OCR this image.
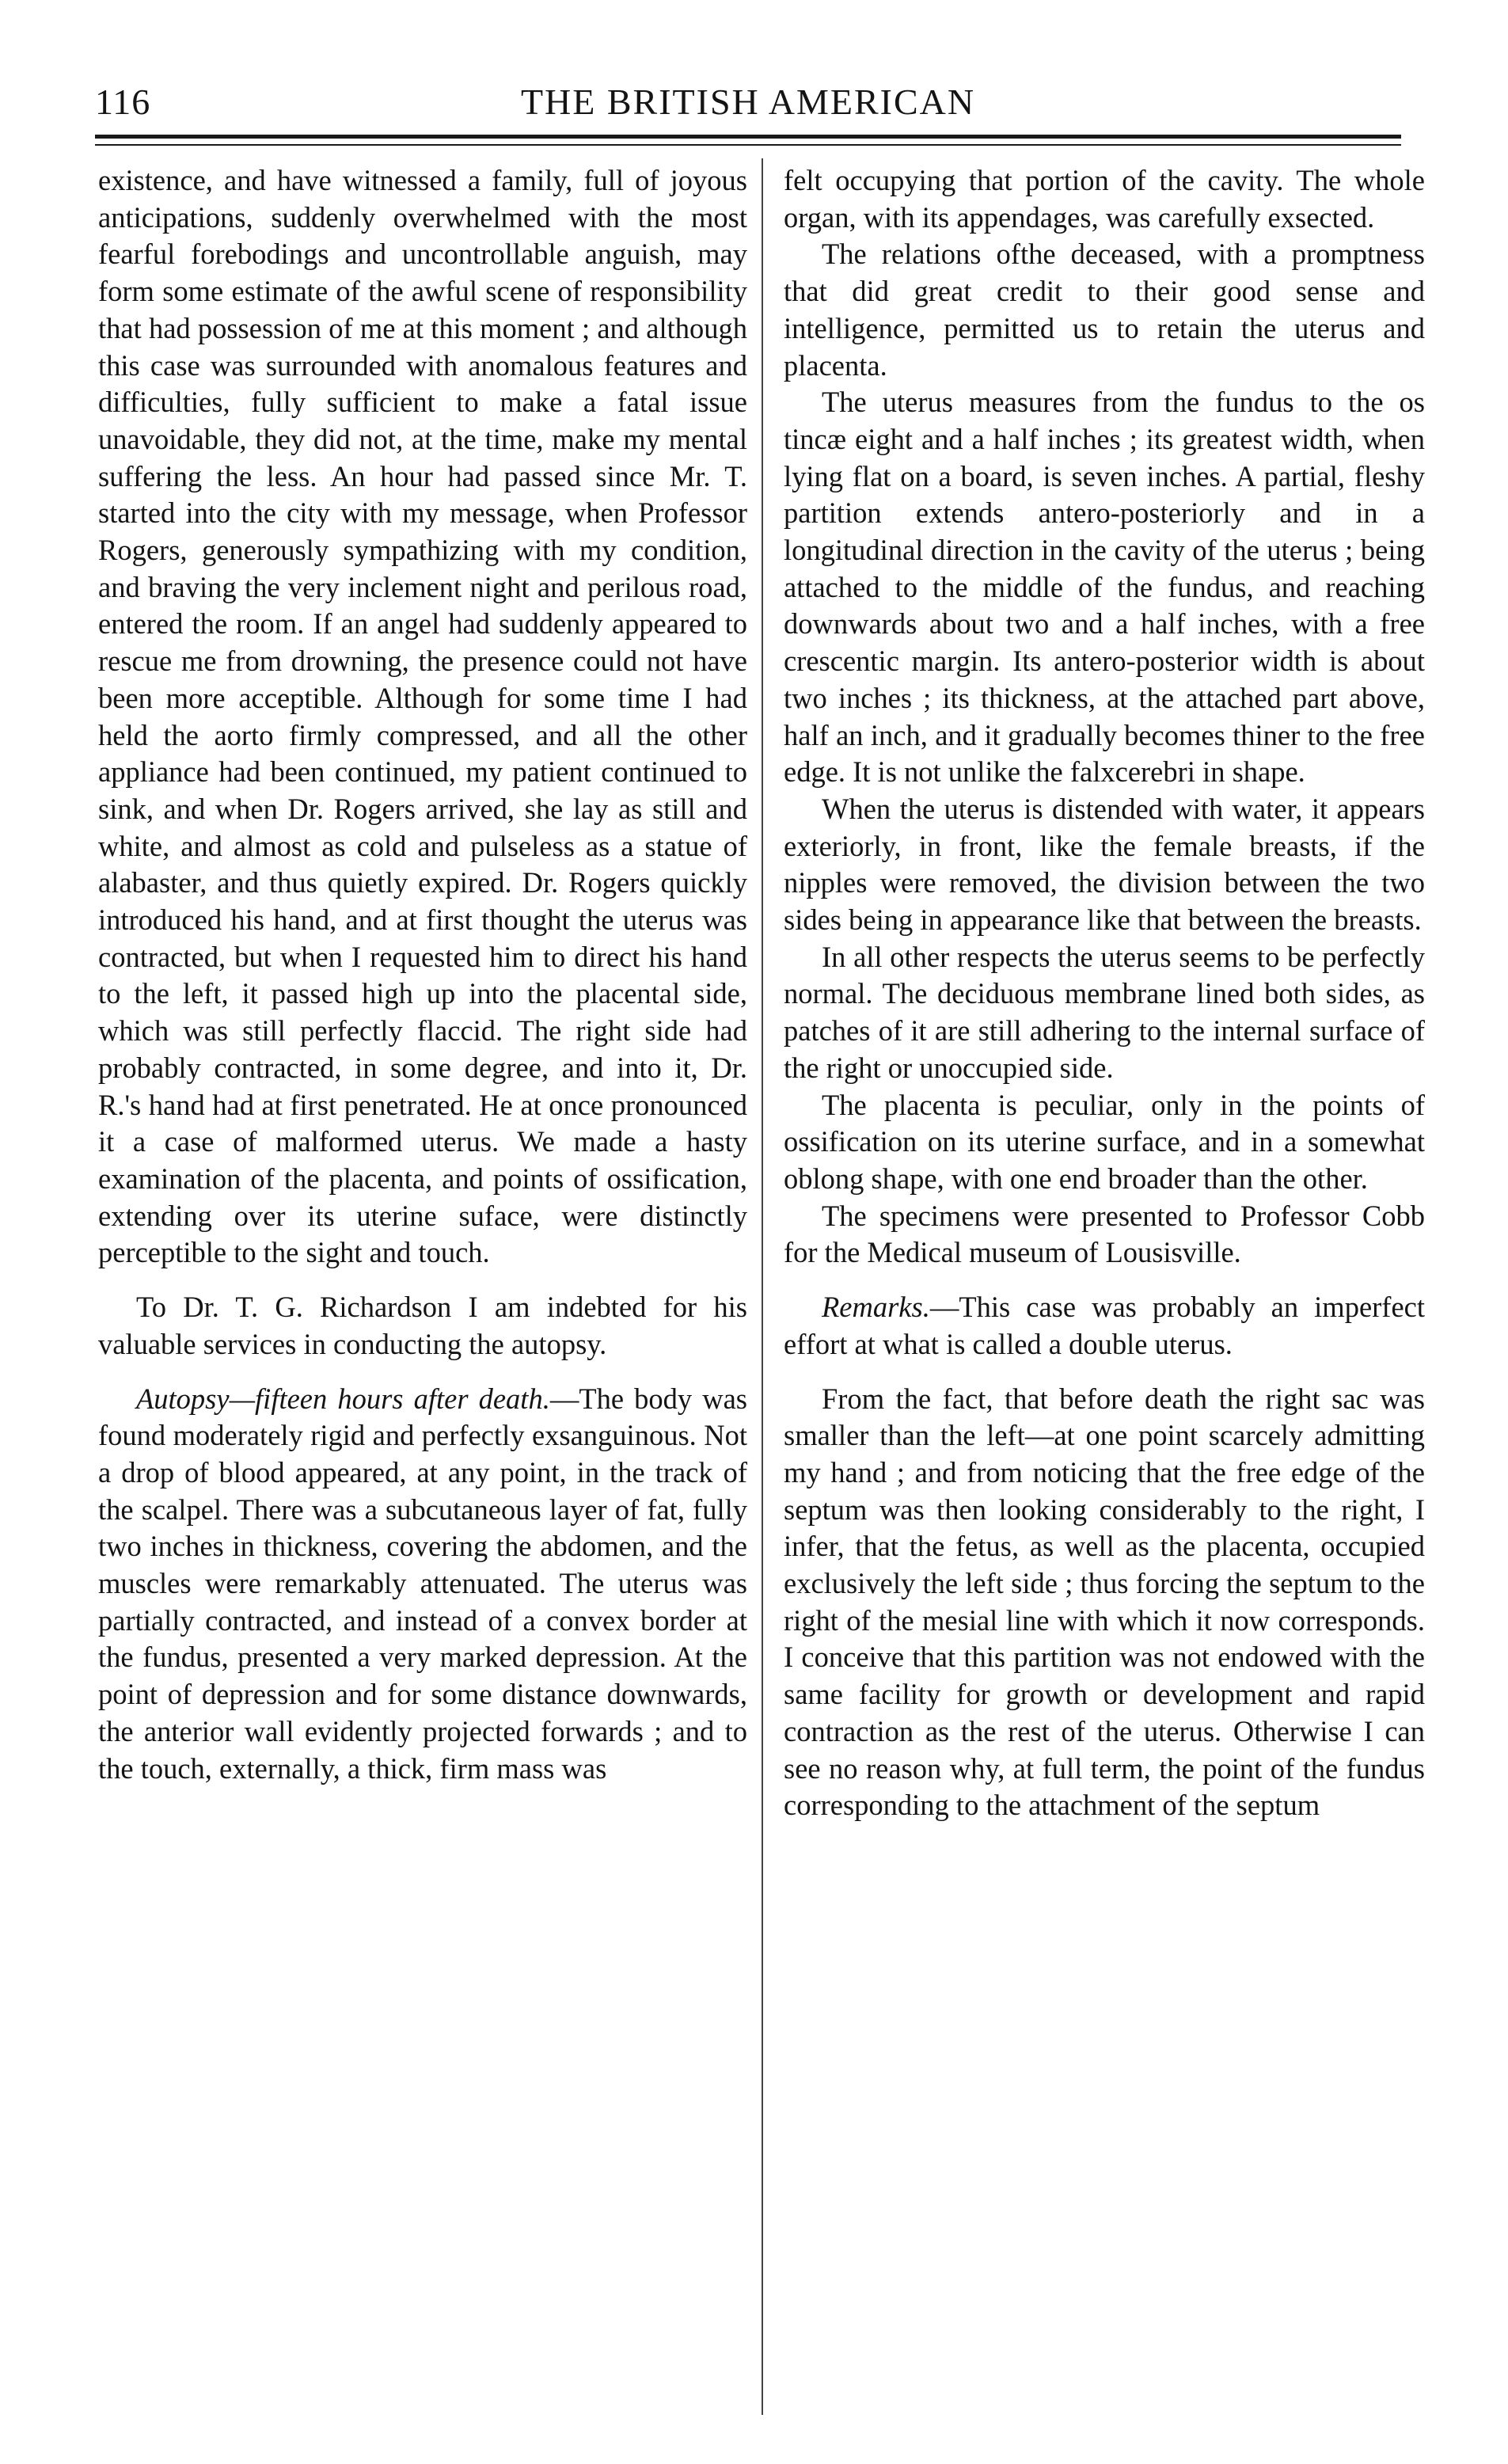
116	THE BRITISH AMERICAN

existence, and have witnessed a family, full of joyous anticipations, suddenly overwhelmed with the most fearful forebodings and uncontrollable anguish, may form some estimate of the awful scene of responsibility that had possession of me at this moment ; and although this case was surrounded with anomalous features and difficulties, fully sufficient to make a fatal issue unavoidable, they did not, at the time, make my mental suffering the less. An hour had passed since Mr. T. started into the city with my message, when Professor Rogers, generously sympathizing with my condition, and braving the very inclement night and perilous road, entered the room. If an angel had suddenly appeared to rescue me from drowning, the presence could not have been more acceptible. Although for some time I had held the aorto firmly compressed, and all the other appliance had been continued, my patient continued to sink, and when Dr. Rogers arrived, she lay as still and white, and almost as cold and pulseless as a statue of alabaster, and thus quietly expired. Dr. Rogers quickly introduced his hand, and at first thought the uterus was contracted, but when I requested him to direct his hand to the left, it passed high up into the placental side, which was still perfectly flaccid. The right side had probably contracted, in some degree, and into it, Dr. R.'s hand had at first penetrated. He at once pronounced it a case of malformed uterus. We made a hasty examination of the placenta, and points of ossification, extending over its uterine suface, were distinctly perceptible to the sight and touch.

To Dr. T. G. Richardson I am indebted for his valuable services in conducting the autopsy.

Autopsy—fifteen hours after death.—The body was found moderately rigid and perfectly exsanguinous. Not a drop of blood appeared, at any point, in the track of the scalpel. There was a subcutaneous layer of fat, fully two inches in thickness, covering the abdomen, and the muscles were remarkably attenuated. The uterus was partially contracted, and instead of a convex border at the fundus, presented a very marked depression. At the point of depression and for some distance downwards, the anterior wall evidently projected forwards ; and to the touch, externally, a thick, firm mass was

felt occupying that portion of the cavity. The whole organ, with its appendages, was carefully exsected.

The relations ofthe deceased, with a promptness that did great credit to their good sense and intelligence, permitted us to retain the uterus and placenta.

The uterus measures from the fundus to the os tincæ eight and a half inches ; its greatest width, when lying flat on a board, is seven inches. A partial, fleshy partition extends antero-posteriorly and in a longitudinal direction in the cavity of the uterus ; being attached to the middle of the fundus, and reaching downwards about two and a half inches, with a free crescentic margin. Its antero-posterior width is about two inches ; its thickness, at the attached part above, half an inch, and it gradually becomes thiner to the free edge. It is not unlike the falxcerebri in shape.

When the uterus is distended with water, it appears exteriorly, in front, like the female breasts, if the nipples were removed, the division between the two sides being in appearance like that between the breasts.

In all other respects the uterus seems to be perfectly normal. The deciduous membrane lined both sides, as patches of it are still adhering to the internal surface of the right or unoccupied side.

The placenta is peculiar, only in the points of ossification on its uterine surface, and in a somewhat oblong shape, with one end broader than the other.

The specimens were presented to Professor Cobb for the Medical museum of Lousisville.

Remarks.—This case was probably an imperfect effort at what is called a double uterus.

From the fact, that before death the right sac was smaller than the left—at one point scarcely admitting my hand ; and from noticing that the free edge of the septum was then looking considerably to the right, I infer, that the fetus, as well as the placenta, occupied exclusively the left side ; thus forcing the septum to the right of the mesial line with which it now corresponds. I conceive that this partition was not endowed with the same facility for growth or development and rapid contraction as the rest of the uterus. Otherwise I can see no reason why, at full term, the point of the fundus corresponding to the attachment of the septum
